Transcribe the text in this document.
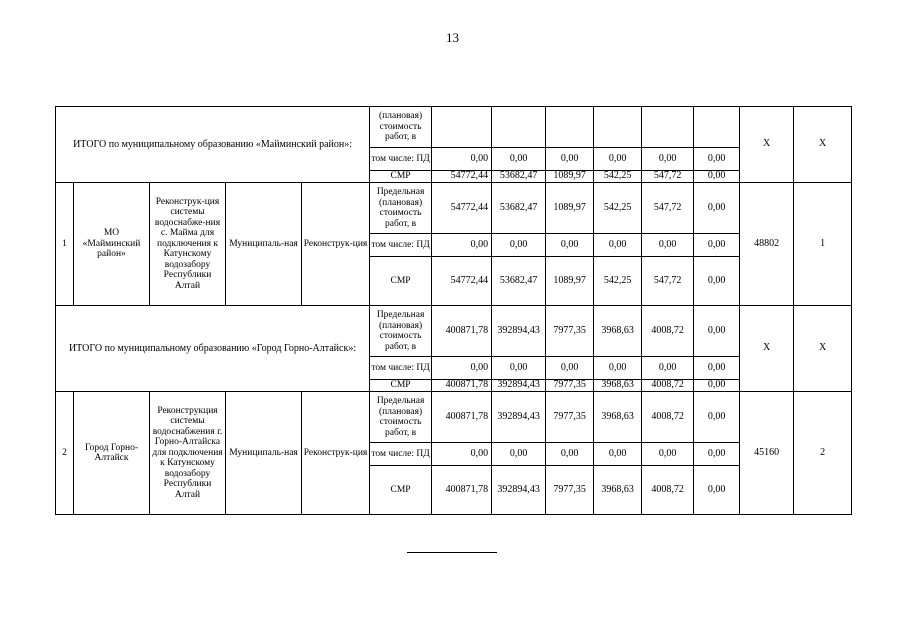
13
ИТОГО по муниципальному образованию «Майминский район»:					(плановая) стоимость работ, в							Х	Х
					том числе: ПД	0,00	0,00	0,00	0,00	0,00	0,00		
					СМР	54772,44	53682,47	1089,97	542,25	547,72	0,00		
1	МО «Майминский район»	Реконструк-ция системы водоснабже-ния с. Майма для подключения к Катунскому водозабору Республики Алтай	Муниципаль-ная	Реконструк-ция	Предельная (плановая) стоимость работ, в	54772,44	53682,47	1089,97	542,25	547,72	0,00	48802	1
					том числе: ПД	0,00	0,00	0,00	0,00	0,00	0,00		
					СМР	54772,44	53682,47	1089,97	542,25	547,72	0,00		
ИТОГО по муниципальному образованию «Город Горно-Алтайск»:					Предельная (плановая) стоимость работ, в	400871,78	392894,43	7977,35	3968,63	4008,72	0,00	Х	Х
					том числе: ПД	0,00	0,00	0,00	0,00	0,00	0,00		
					СМР	400871,78	392894,43	7977,35	3968,63	4008,72	0,00		
2	Город Горно-Алтайск	Реконструкция системы водоснабжения г. Горно-Алтайска для подключения к Катунскому водозабору Республики Алтай	Муниципаль-ная	Реконструк-ция	Предельная (плановая) стоимость работ, в	400871,78	392894,43	7977,35	3968,63	4008,72	0,00	45160	2
					том числе: ПД	0,00	0,00	0,00	0,00	0,00	0,00		
					СМР	400871,78	392894,43	7977,35	3968,63	4008,72	0,00		
